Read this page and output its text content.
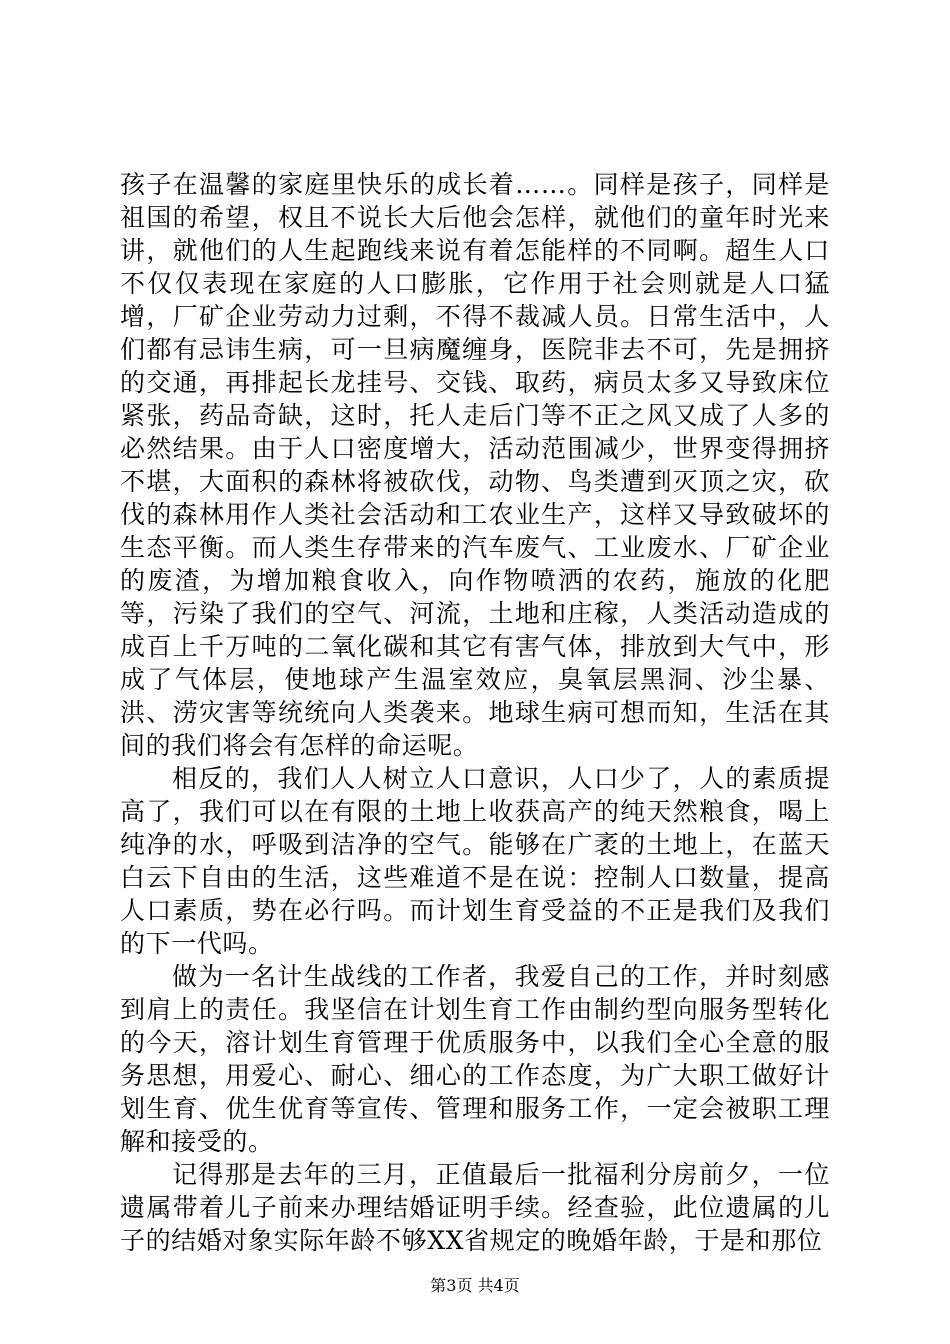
孩子在温馨的家庭里快乐的成长着……。同样是孩子，同样是祖国的希望，权且不说长大后他会怎样，就他们的童年时光来讲，就他们的人生起跑线来说有着怎能样的不同啊。超生人口不仅仅表现在家庭的人口膨胀，它作用于社会则就是人口猛增，厂矿企业劳动力过剩，不得不裁减人员。日常生活中，人们都有忌讳生病，可一旦病魔缠身，医院非去不可，先是拥挤的交通，再排起长龙挂号、交钱、取药，病员太多又导致床位紧张，药品奇缺，这时，托人走后门等不正之风又成了人多的必然结果。由于人口密度增大，活动范围减少，世界变得拥挤不堪，大面积的森林将被砍伐，动物、鸟类遭到灭顶之灾，砍伐的森林用作人类社会活动和工农业生产，这样又导致破坏的生态平衡。而人类生存带来的汽车废气、工业废水、厂矿企业的废渣，为增加粮食收入，向作物喷洒的农药，施放的化肥等，污染了我们的空气、河流，土地和庄稼，人类活动造成的成百上千万吨的二氧化碳和其它有害气体，排放到大气中，形成了气体层，使地球产生温室效应，臭氧层黑洞、沙尘暴、洪、涝灾害等统统向人类袭来。地球生病可想而知，生活在其间的我们将会有怎样的命运呢。

相反的，我们人人树立人口意识，人口少了，人的素质提高了，我们可以在有限的土地上收获高产的纯天然粮食，喝上纯净的水，呼吸到洁净的空气。能够在广袤的土地上，在蓝天白云下自由的生活，这些难道不是在说：控制人口数量，提高人口素质，势在必行吗。而计划生育受益的不正是我们及我们的下一代吗。

做为一名计生战线的工作者，我爱自己的工作，并时刻感到肩上的责任。我坚信在计划生育工作由制约型向服务型转化的今天，溶计划生育管理于优质服务中，以我们全心全意的服务思想，用爱心、耐心、细心的工作态度，为广大职工做好计划生育、优生优育等宣传、管理和服务工作，一定会被职工理解和接受的。

记得那是去年的三月，正值最后一批福利分房前夕，一位遗属带着儿子前来办理结婚证明手续。经查验，此位遗属的儿子的结婚对象实际年龄不够XX省规定的晚婚年龄，于是和那位

第3页 共4页
